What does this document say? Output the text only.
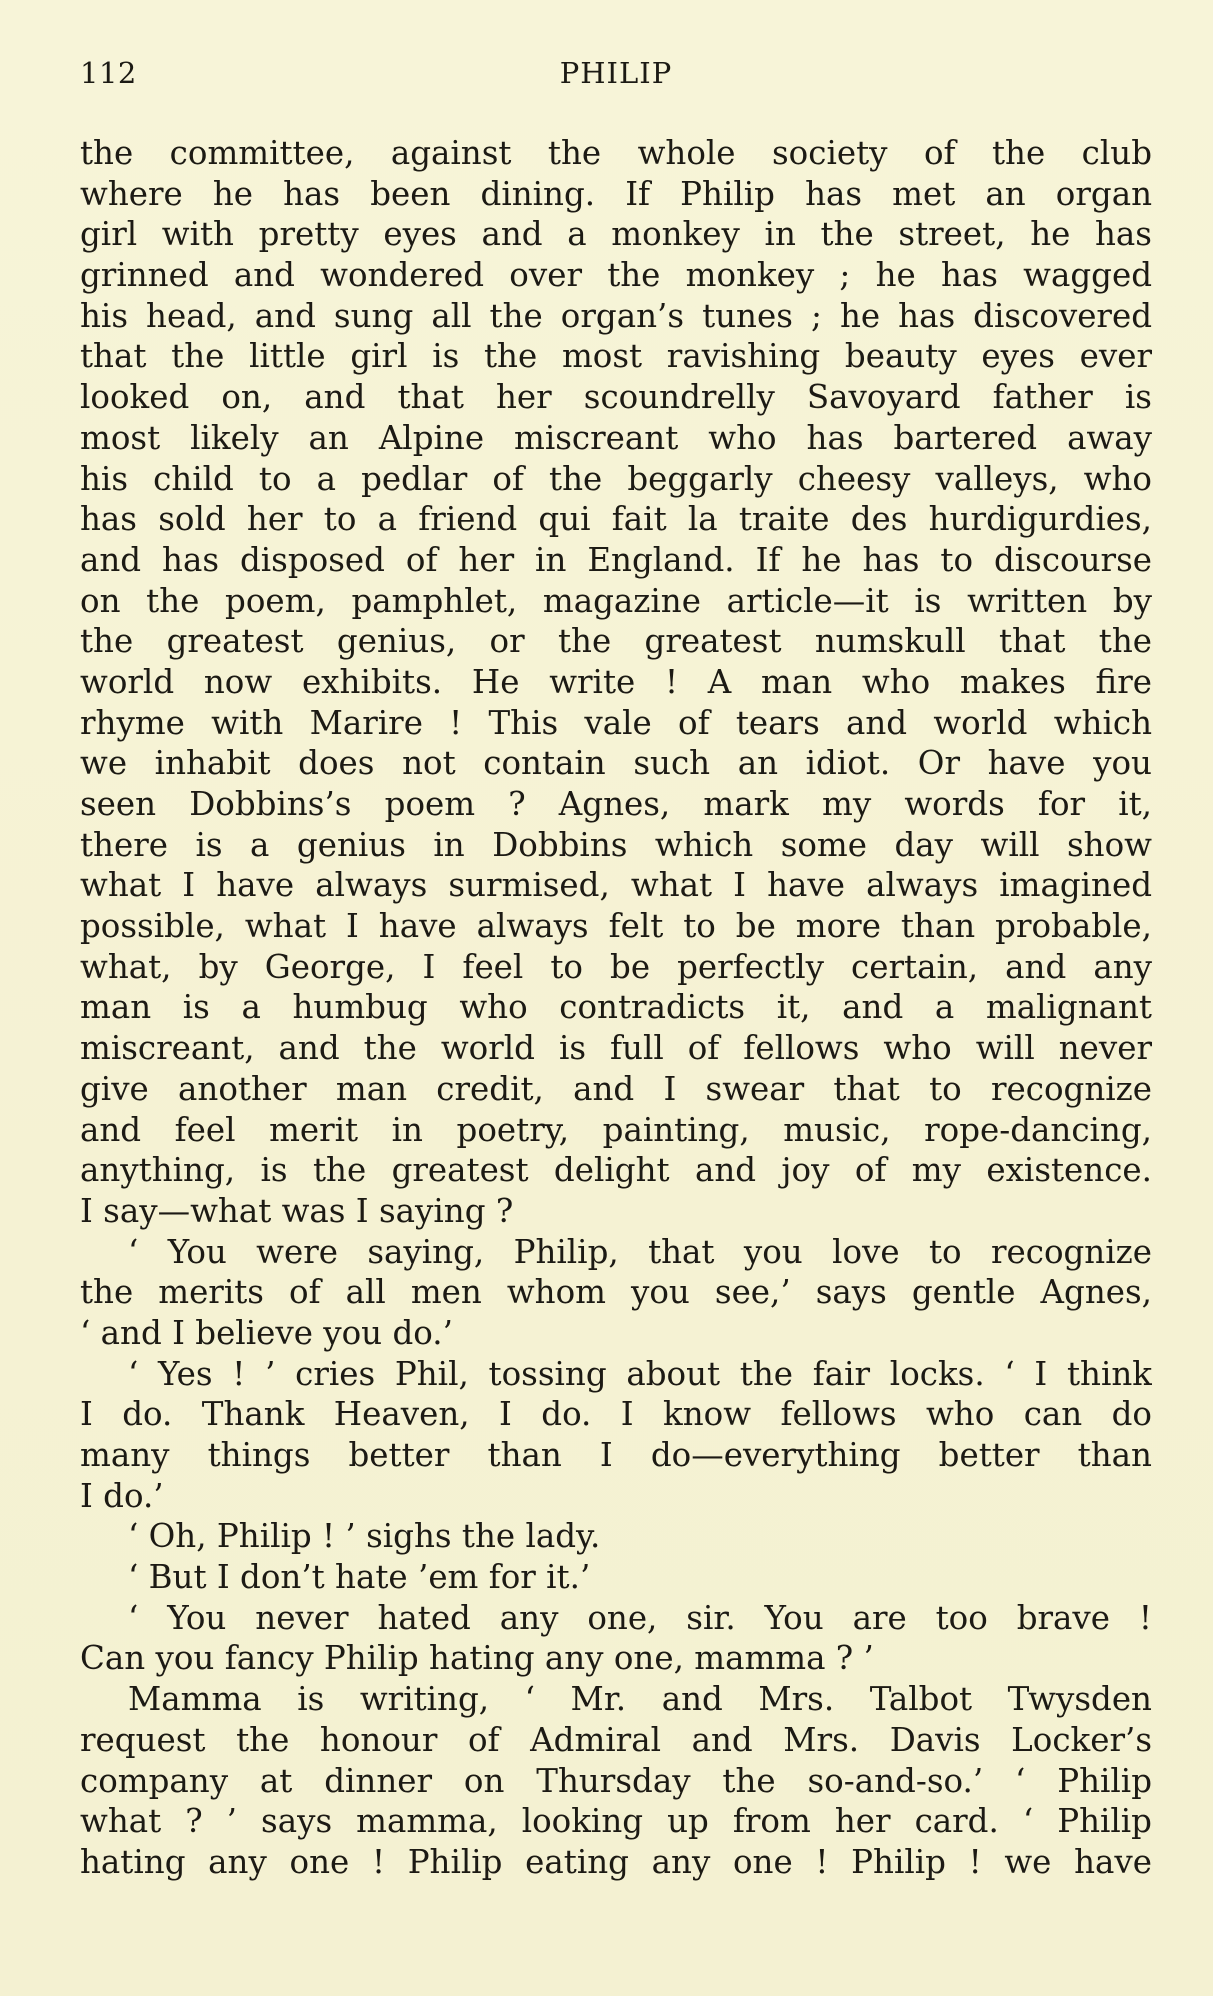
112	PHILIP
the committee, against the whole society of the club
where he has been dining. If Philip has met an organ
girl with pretty eyes and a monkey in the street, he has
grinned and wondered over the monkey ; he has wagged
his head, and sung all the organ’s tunes ; he has discovered
that the little girl is the most ravishing beauty eyes ever
looked on, and that her scoundrelly Savoyard father is
most likely an Alpine miscreant who has bartered away
his child to a pedlar of the beggarly cheesy valleys, who
has sold her to a friend qui fait la traite des hurdigurdies,
and has disposed of her in England. If he has to discourse
on the poem, pamphlet, magazine article—it is written by
the greatest genius, or the greatest numskull that the
world now exhibits. He write ! A man who makes fire
rhyme with Marire ! This vale of tears and world which
we inhabit does not contain such an idiot. Or have you
seen Dobbins’s poem ? Agnes, mark my words for it,
there is a genius in Dobbins which some day will show
what I have always surmised, what I have always imagined
possible, what I have always felt to be more than probable,
what, by George, I feel to be perfectly certain, and any
man is a humbug who contradicts it, and a malignant
miscreant, and the world is full of fellows who will never
give another man credit, and I swear that to recognize
and feel merit in poetry, painting, music, rope-dancing,
anything, is the greatest delight and joy of my existence.
I say—what was I saying ?
‘ You were saying, Philip, that you love to recognize
the merits of all men whom you see,’ says gentle Agnes,
‘ and I believe you do.’
‘ Yes ! ’ cries Phil, tossing about the fair locks. ‘ I think
I do. Thank Heaven, I do. I know fellows who can do
many things better than I do—everything better than
I do.’
‘ Oh, Philip ! ’ sighs the lady.
‘ But I don’t hate ’em for it.’
‘ You never hated any one, sir. You are too brave !
Can you fancy Philip hating any one, mamma ? ’
Mamma is writing, ‘ Mr. and Mrs. Talbot Twysden
request the honour of Admiral and Mrs. Davis Locker’s
company at dinner on Thursday the so-and-so.’ ‘ Philip
what ? ’ says mamma, looking up from her card. ‘ Philip
hating any one ! Philip eating any one ! Philip ! we have
